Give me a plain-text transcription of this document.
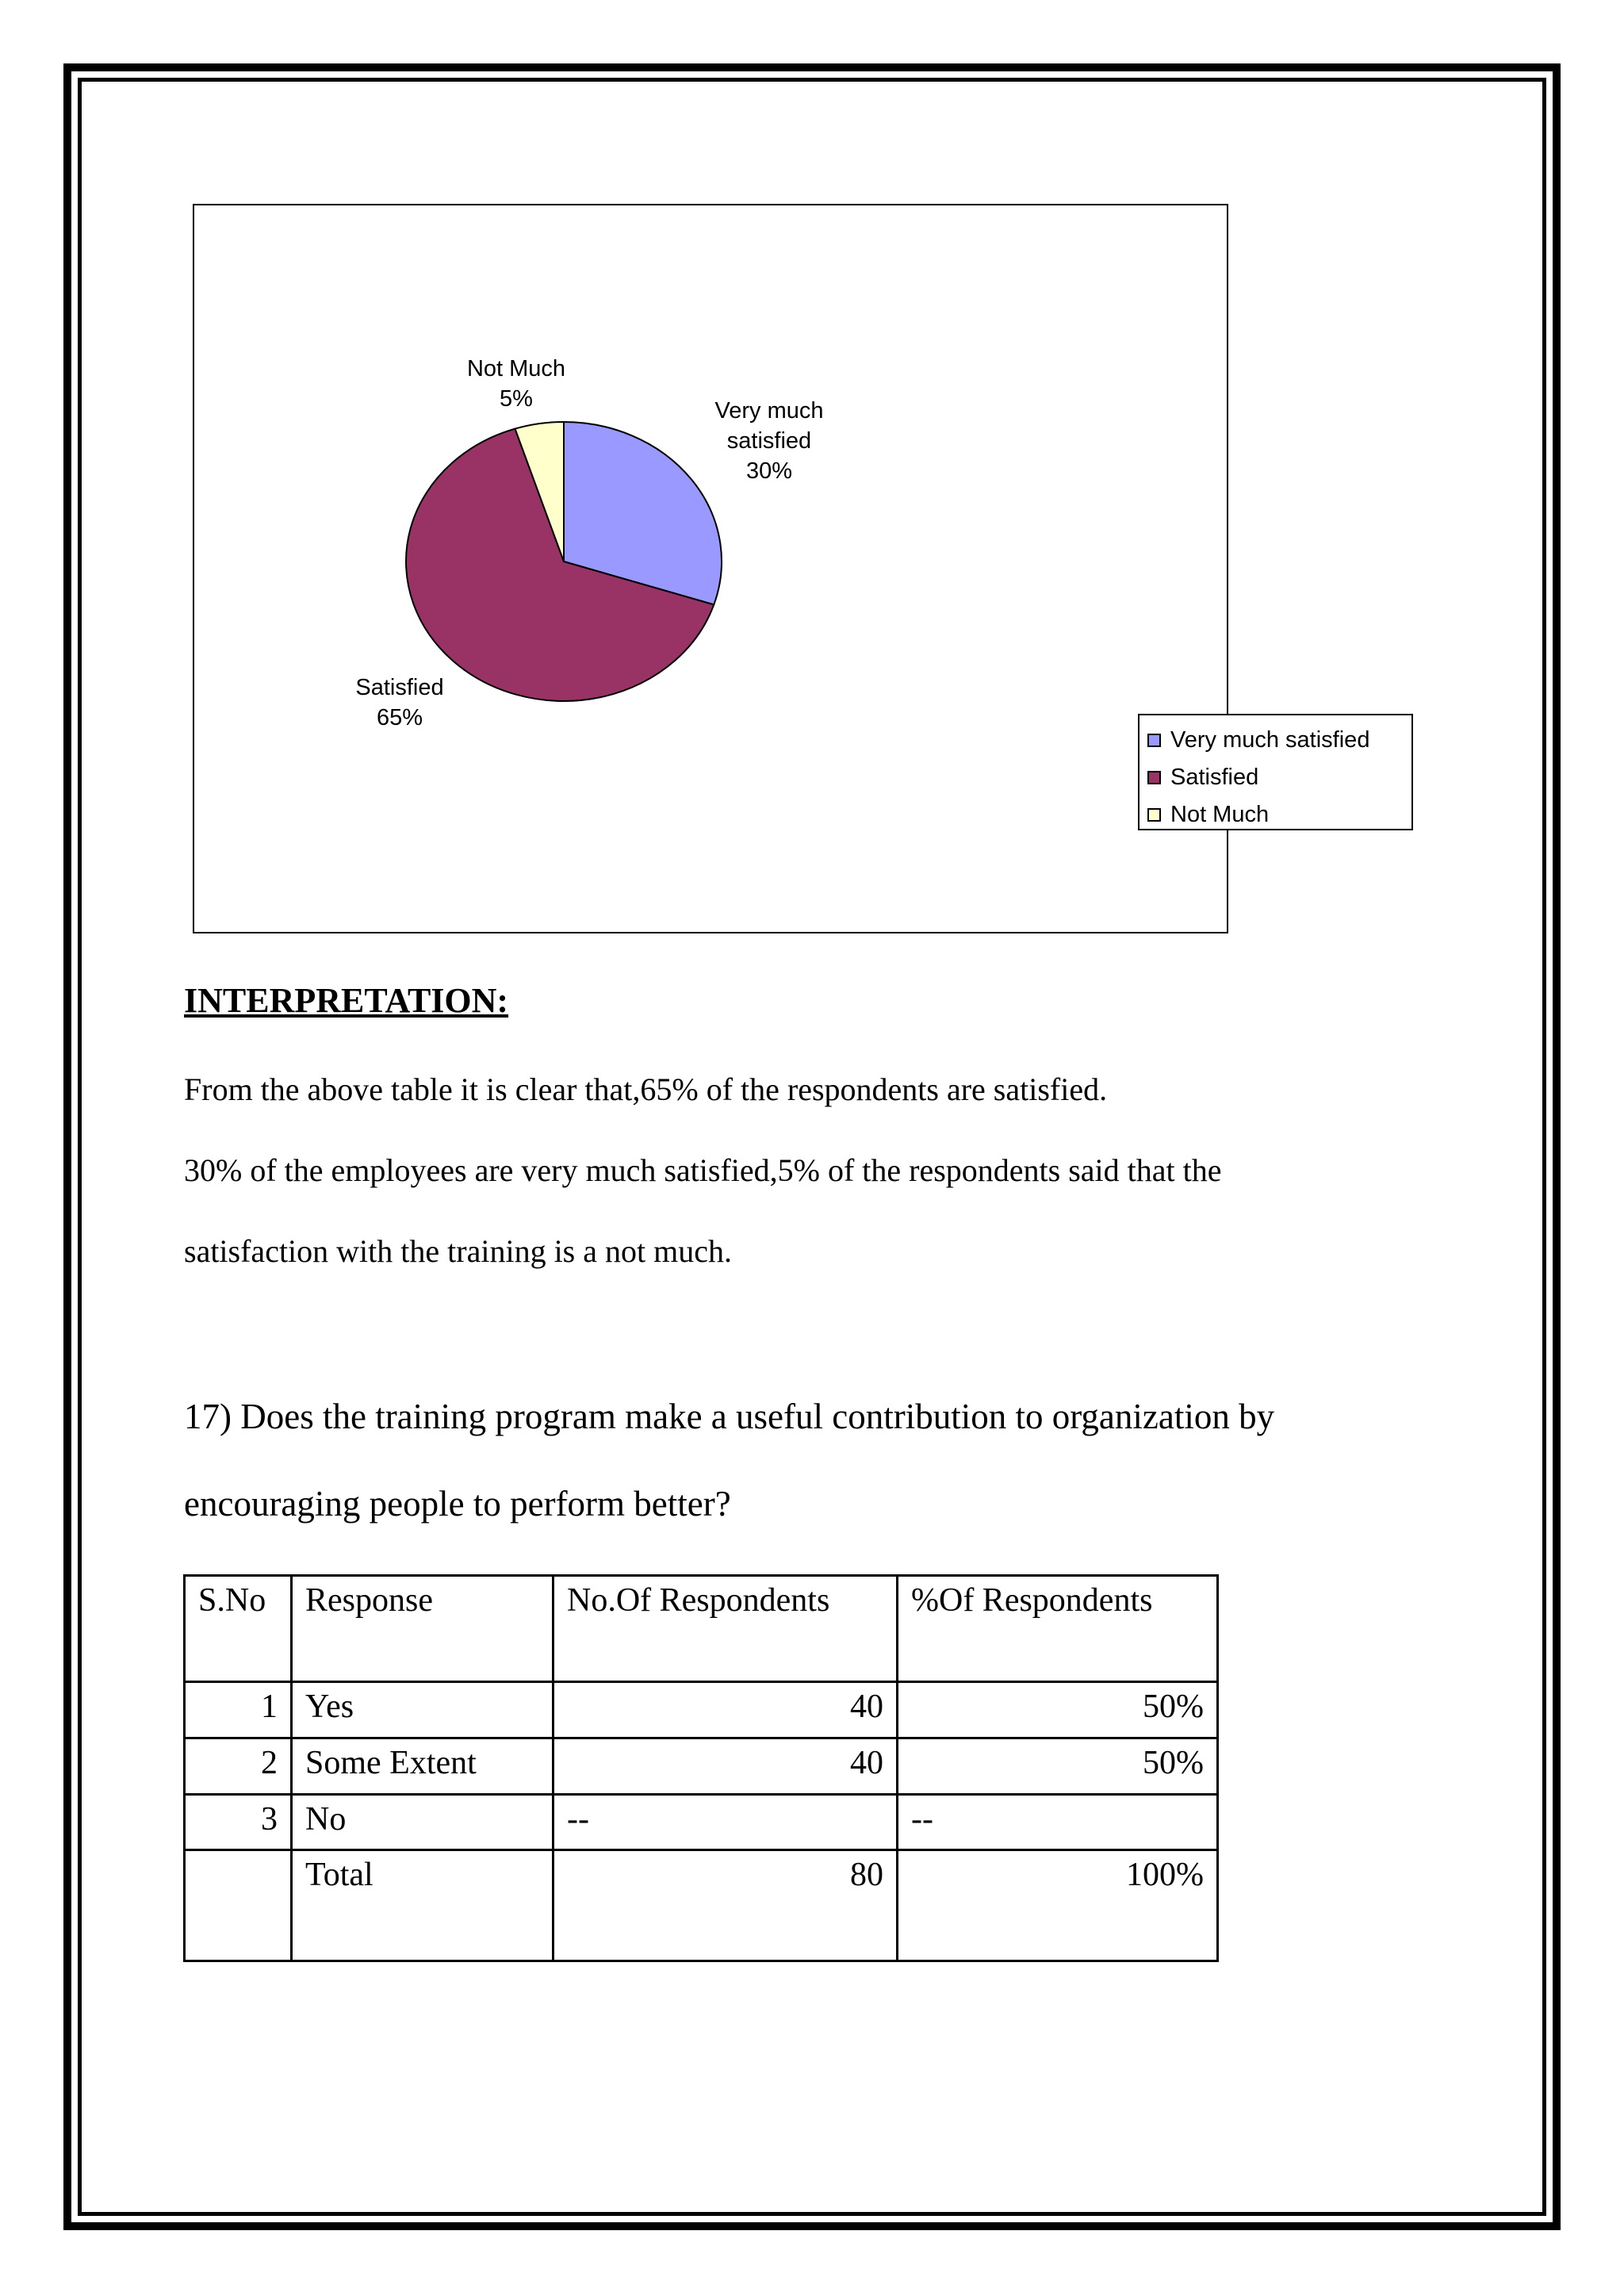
Very much satisfied 30%
Satisfied 65%
Not Much 5%
Very much satisfied
Satisfied
Not Much
INTERPRETATION:
From the above table it is clear that,65% of the respondents are satisfied.
30% of the employees are very much satisfied,5% of the respondents said that the
satisfaction with the training is a not much.
17) Does the training program make a useful contribution to organization by
encouraging people to perform better?
S.No	Response	No.Of Respondents	%Of Respondents

1	Yes	40	50%

2	Some Extent	40	50%

3	No	--	--

	Total	80	100%
